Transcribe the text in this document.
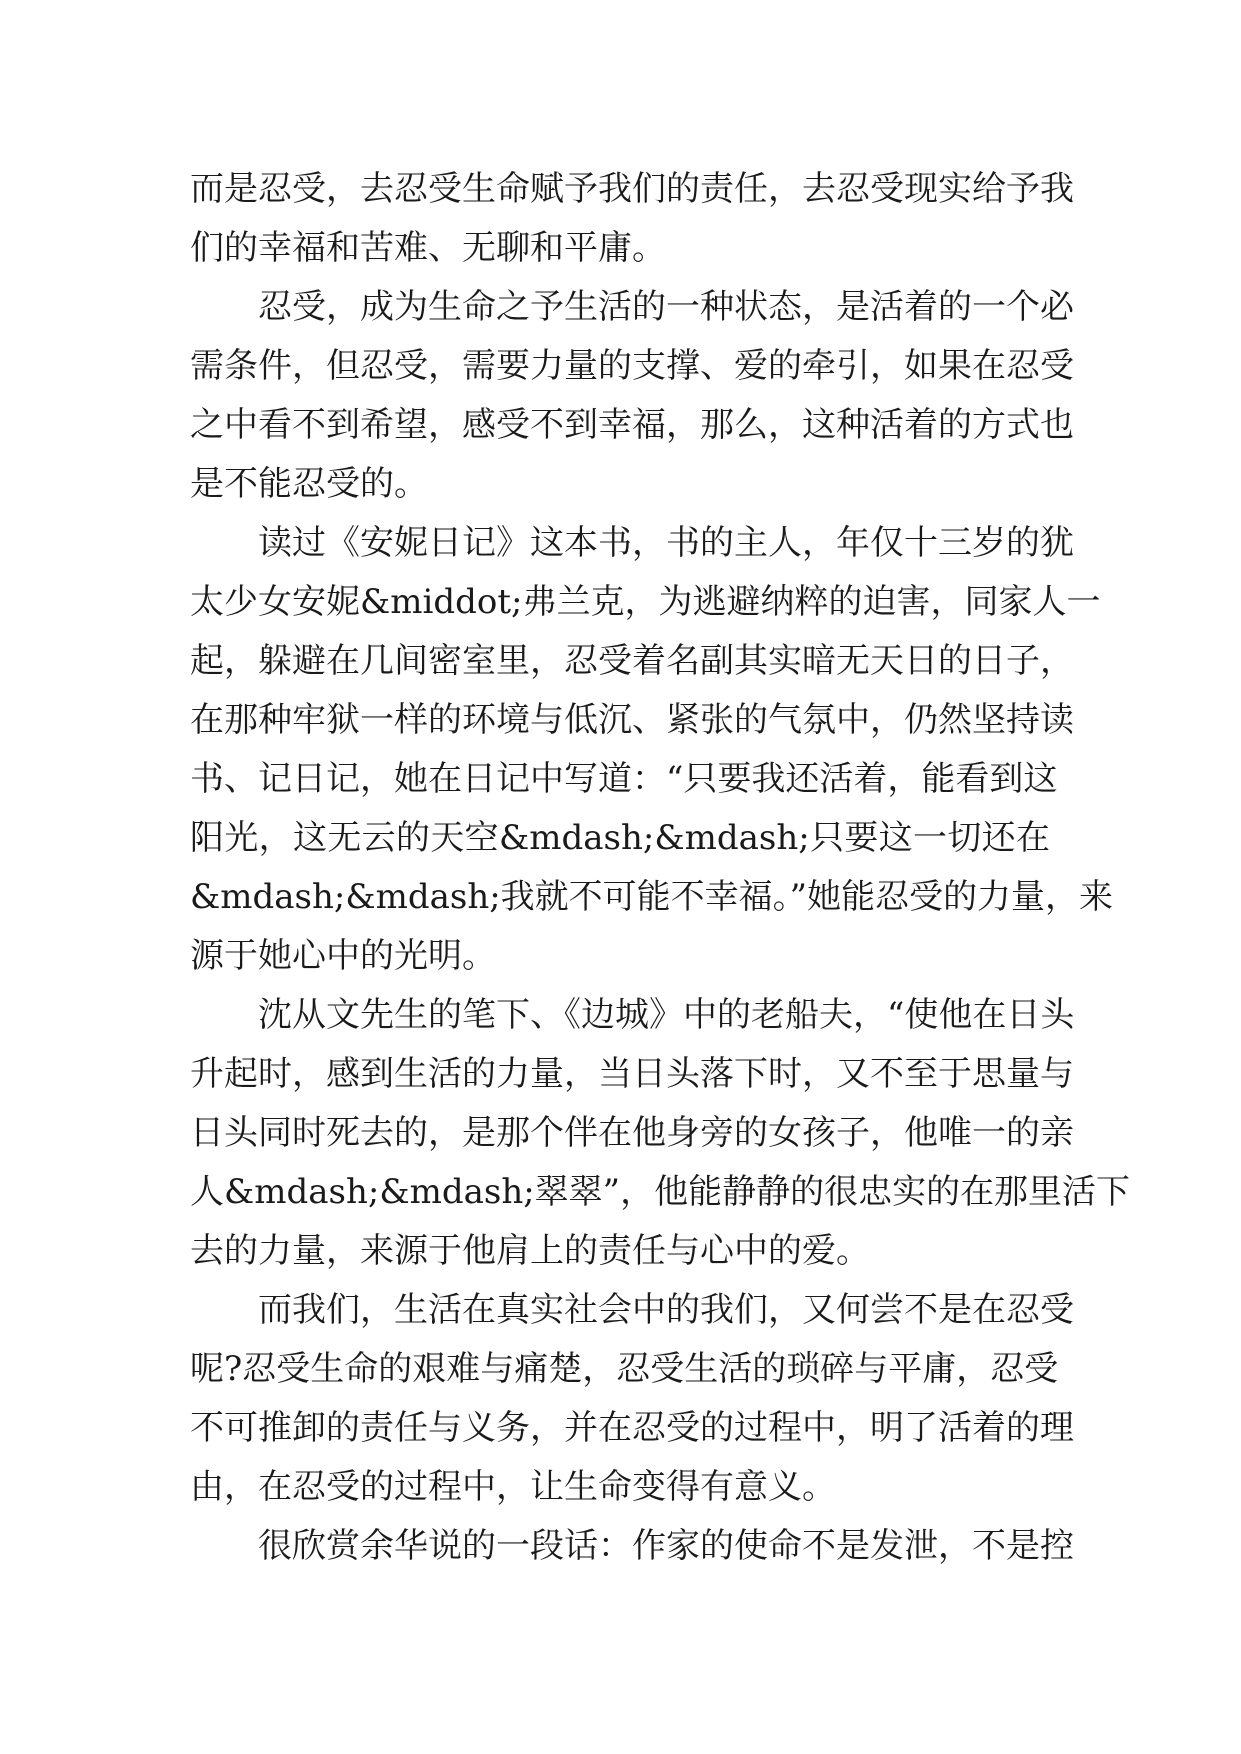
而是忍受，去忍受生命赋予我们的责任，去忍受现实给予我
们的幸福和苦难、无聊和平庸。
　　忍受，成为生命之予生活的一种状态，是活着的一个必
需条件，但忍受，需要力量的支撑、爱的牵引，如果在忍受
之中看不到希望，感受不到幸福，那么，这种活着的方式也
是不能忍受的。
　　读过《安妮日记》这本书，书的主人，年仅十三岁的犹
太少女安妮&middot;弗兰克，为逃避纳粹的迫害，同家人一
起，躲避在几间密室里，忍受着名副其实暗无天日的日子，
在那种牢狱一样的环境与低沉、紧张的气氛中，仍然坚持读
书、记日记，她在日记中写道：“只要我还活着，能看到这
阳光，这无云的天空&mdash;&mdash;只要这一切还在
&mdash;&mdash;我就不可能不幸福。”她能忍受的力量，来
源于她心中的光明。
　　沈从文先生的笔下、《边城》中的老船夫，“使他在日头
升起时，感到生活的力量，当日头落下时，又不至于思量与
日头同时死去的，是那个伴在他身旁的女孩子，他唯一的亲
人&mdash;&mdash;翠翠”，他能静静的很忠实的在那里活下
去的力量，来源于他肩上的责任与心中的爱。
　　而我们，生活在真实社会中的我们，又何尝不是在忍受
呢?忍受生命的艰难与痛楚，忍受生活的琐碎与平庸，忍受
不可推卸的责任与义务，并在忍受的过程中，明了活着的理
由，在忍受的过程中，让生命变得有意义。
　　很欣赏余华说的一段话：作家的使命不是发泄，不是控
